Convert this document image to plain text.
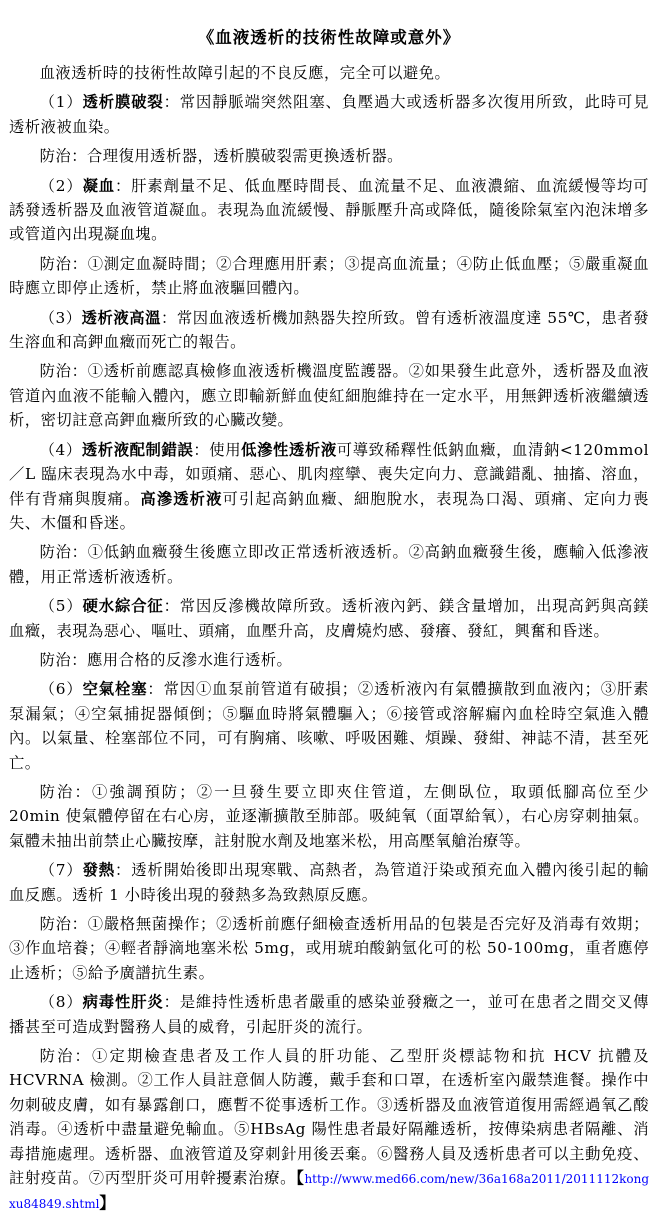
《血液透析的技術性故障或意外》

血液透析時的技術性故障引起的不良反應，完全可以避免。

（1）透析膜破裂：常因靜脈端突然阻塞、負壓過大或透析器多次復用所致，此時可見透析液被血染。

防治：合理復用透析器，透析膜破裂需更換透析器。

（2）凝血：肝素劑量不足、低血壓時間長、血流量不足、血液濃縮、血流緩慢等均可誘發透析器及血液管道凝血。表現為血流緩慢、靜脈壓升高或降低，隨後除氣室內泡沫增多或管道內出現凝血塊。

防治：①測定血凝時間；②合理應用肝素；③提高血流量；④防止低血壓；⑤嚴重凝血時應立即停止透析，禁止將血液驅回體內。

（3）透析液高溫：常因血液透析機加熱器失控所致。曾有透析液溫度達 55℃，患者發生溶血和高鉀血癥而死亡的報告。

防治：①透析前應認真檢修血液透析機溫度監護器。②如果發生此意外，透析器及血液管道內血液不能輸入體內，應立即輸新鮮血使紅細胞維持在一定水平，用無鉀透析液繼續透析，密切註意高鉀血癥所致的心臟改變。

（4）透析液配制錯誤：使用低滲性透析液可導致稀釋性低鈉血癥，血清鈉<120mmol／L 臨床表現為水中毒，如頭痛、惡心、肌肉痙攣、喪失定向力、意識錯亂、抽搐、溶血，伴有背痛與腹痛。高滲透析液可引起高鈉血癥、細胞脫水，表現為口渴、頭痛、定向力喪失、木僵和昏迷。

防治：①低鈉血癥發生後應立即改正常透析液透析。②高鈉血癥發生後，應輸入低滲液體，用正常透析液透析。

（5）硬水綜合征：常因反滲機故障所致。透析液內鈣、鎂含量增加，出現高鈣與高鎂血癥，表現為惡心、嘔吐、頭痛，血壓升高，皮膚燒灼感、發癢、發紅，興奮和昏迷。

防治：應用合格的反滲水進行透析。

（6）空氣栓塞：常因①血泵前管道有破損；②透析液內有氣體擴散到血液內；③肝素泵漏氣；④空氣捕捉器傾倒；⑤驅血時將氣體驅入；⑥接管或溶解瘺內血栓時空氣進入體內。以氣量、栓塞部位不同，可有胸痛、咳嗽、呼吸困難、煩躁、發紺、神誌不清，甚至死亡。

防治：①強調預防；②一旦發生要立即夾住管道，左側臥位，取頭低腳高位至少 20min 使氣體停留在右心房，並逐漸擴散至肺部。吸純氧（面罩給氧），右心房穿刺抽氣。氣體未抽出前禁止心臟按摩，註射脫水劑及地塞米松，用高壓氧艙治療等。

（7）發熱：透析開始後即出現寒戰、高熱者，為管道汙染或預充血入體內後引起的輸血反應。透析 1 小時後出現的發熱多為致熱原反應。

防治：①嚴格無菌操作；②透析前應仔細檢查透析用品的包裝是否完好及消毒有效期；③作血培養；④輕者靜滴地塞米松 5mg，或用琥珀酸鈉氫化可的松 50-100mg，重者應停止透析；⑤給予廣譜抗生素。

（8）病毒性肝炎：是維持性透析患者嚴重的感染並發癥之一，並可在患者之間交叉傳播甚至可造成對醫務人員的威脅，引起肝炎的流行。

防治：①定期檢查患者及工作人員的肝功能、乙型肝炎標誌物和抗 HCV 抗體及 HCVRNA 檢測。②工作人員註意個人防護，戴手套和口罩，在透析室內嚴禁進餐。操作中勿刺破皮膚，如有暴露創口，應暫不從事透析工作。③透析器及血液管道復用需經過氧乙酸消毒。④透析中盡量避免輸血。⑤HBsAg 陽性患者最好隔離透析，按傳染病患者隔離、消毒措施處理。透析器、血液管道及穿刺針用後丟棄。⑥醫務人員及透析患者可以主動免疫、註射疫苗。⑦丙型肝炎可用幹擾素治療。【http://www.med66.com/new/36a168a2011/2011112kongxu84849.shtml】
